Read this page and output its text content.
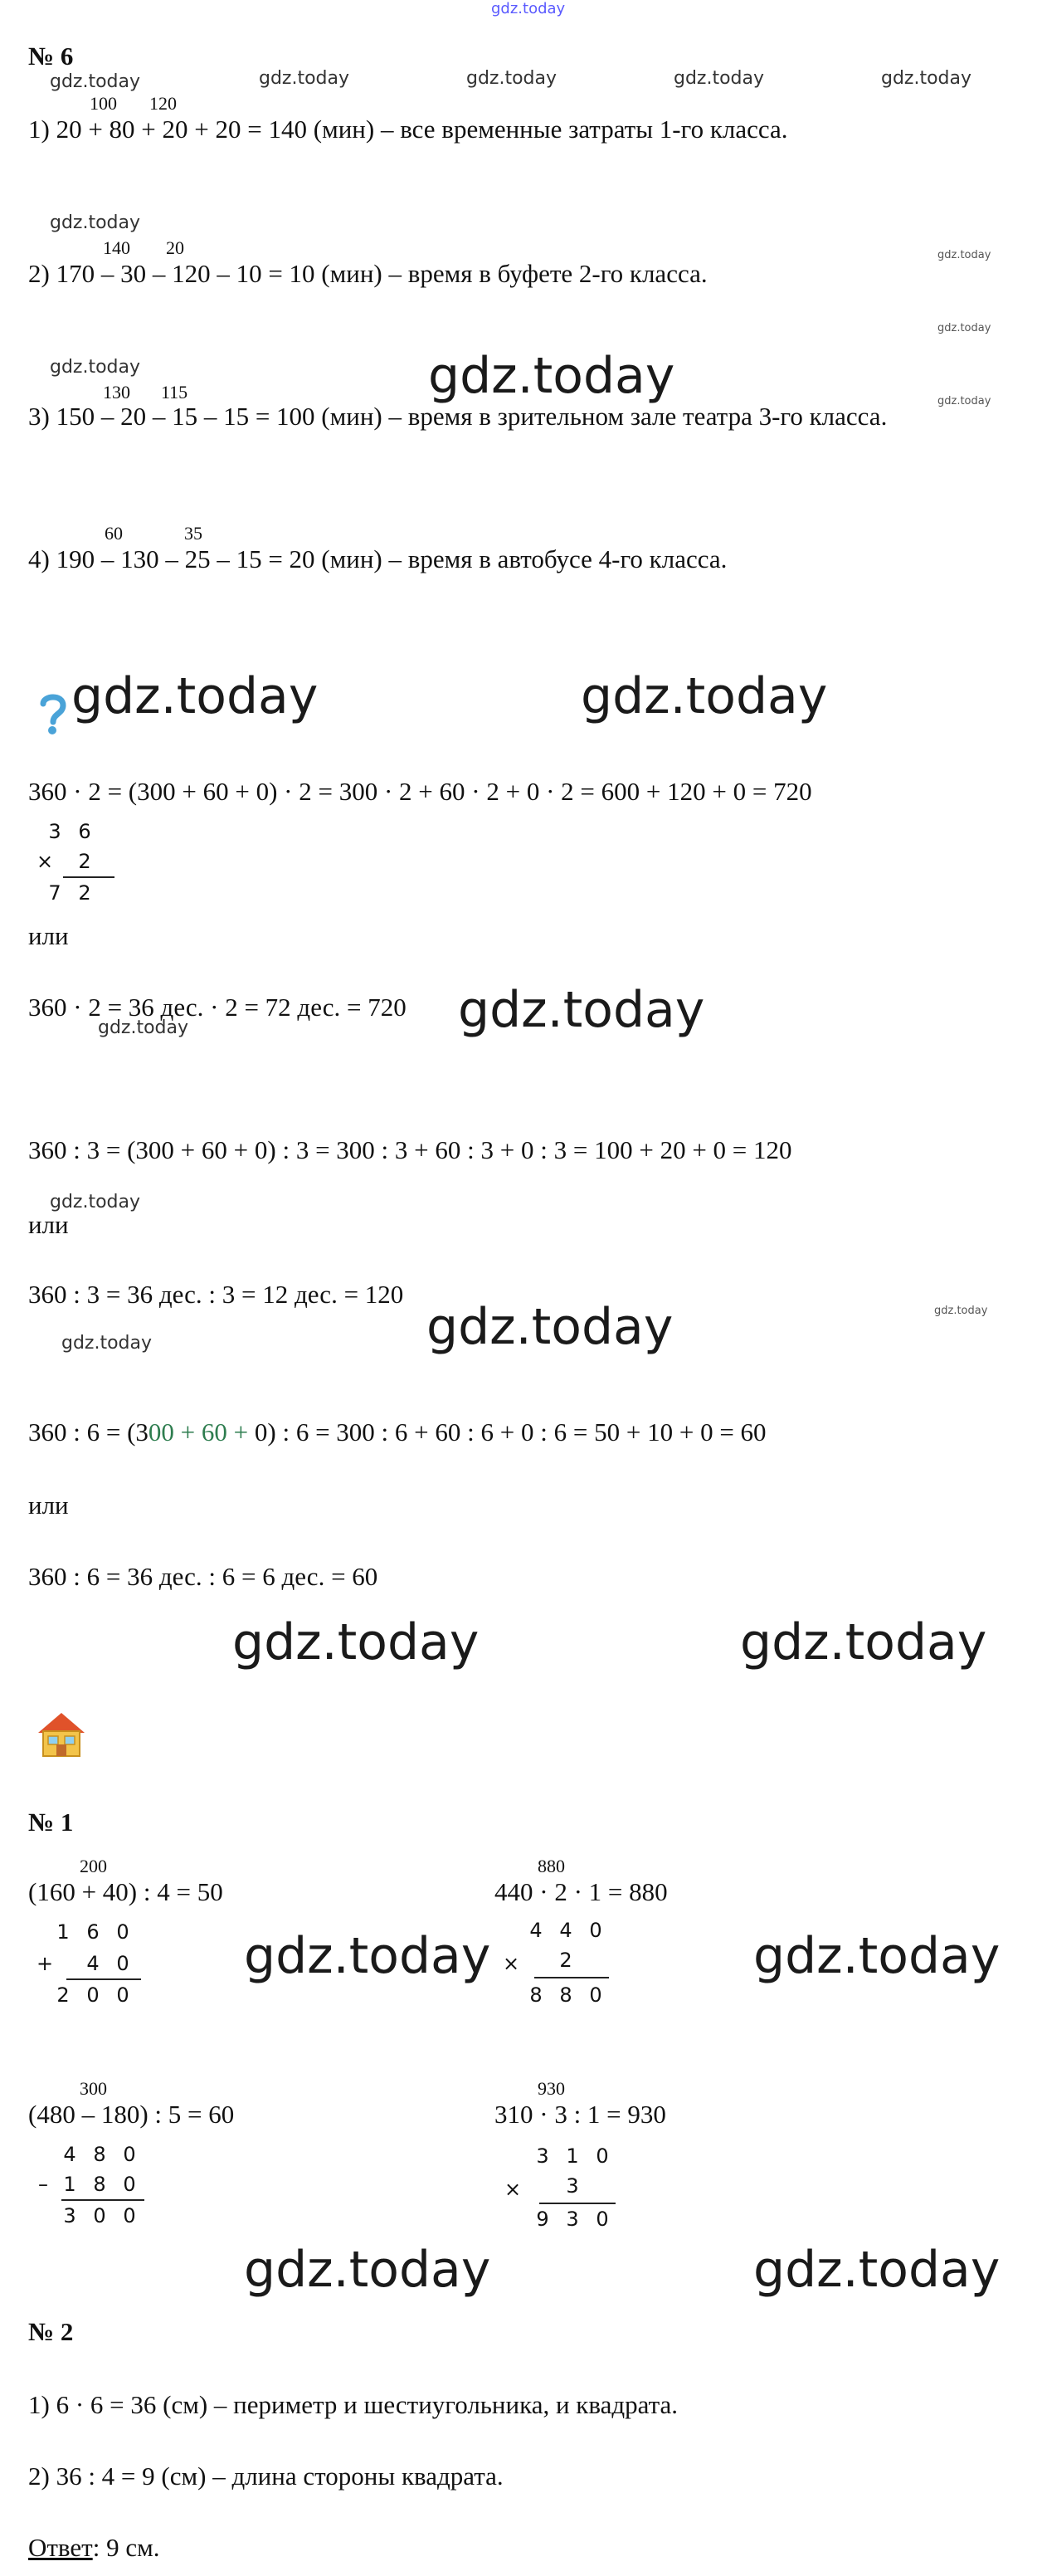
gdz.today
№ 6
gdz.today	gdz.today	gdz.today	gdz.today	gdz.today
100 120
1) 20 + 80 + 20 + 20 = 140 (мин) – все временные затраты 1-го класса.
gdz.today
140 20
2) 170 – 30 – 120 – 10 = 10 (мин) – время в буфете 2-го класса.
gdz.today
gdz.today
gdz.today	gdz.today
130 115
3) 150 – 20 – 15 – 15 = 100 (мин) – время в зрительном зале театра 3-го класса.
gdz.today
60	35
4) 190 – 130 – 25 – 15 = 20 (мин) – время в автобусе 4-го класса.
gdz.today	gdz.today
360 · 2 = (300 + 60 + 0) · 2 = 300 · 2 + 60 · 2 + 0 · 2 = 600 + 120 + 0 = 720
3 6
×	2
7 2
или
360 · 2 = 36 дес. · 2 = 72 дес. = 720 gdz.today
gdz.today
360 : 3 = (300 + 60 + 0) : 3 = 300 : 3 + 60 : 3 + 0 : 3 = 100 + 20 + 0 = 120
gdz.today
или
360 : 3 = 36 дес. : 3 = 12 дес. = 120
gdz.today
gdz.today
gdz.today
360 : 6 = (300 + 60 + 0) : 6 = 300 : 6 + 60 : 6 + 0 : 6 = 50 + 10 + 0 = 60
или
360 : 6 = 36 дес. : 6 = 6 дес. = 60
gdz.today	gdz.today
№ 1
200
(160 + 40) : 4 = 50
1 6 0
+	4 0
2 0 0
gdz.today
880
440 · 2 · 1 = 880
4 4 0
×	2
8 8 0
gdz.today
300
(480 – 180) : 5 = 60
4 8 0
– 1 8 0
3 0 0
930
310 · 3 : 1 = 930
3 1 0
×	3
9 3 0
gdz.today	gdz.today
№ 2
1) 6 · 6 = 36 (см) – периметр и шестиугольника, и квадрата.
2) 36 : 4 = 9 (см) – длина стороны квадрата.
Ответ: 9 см.
